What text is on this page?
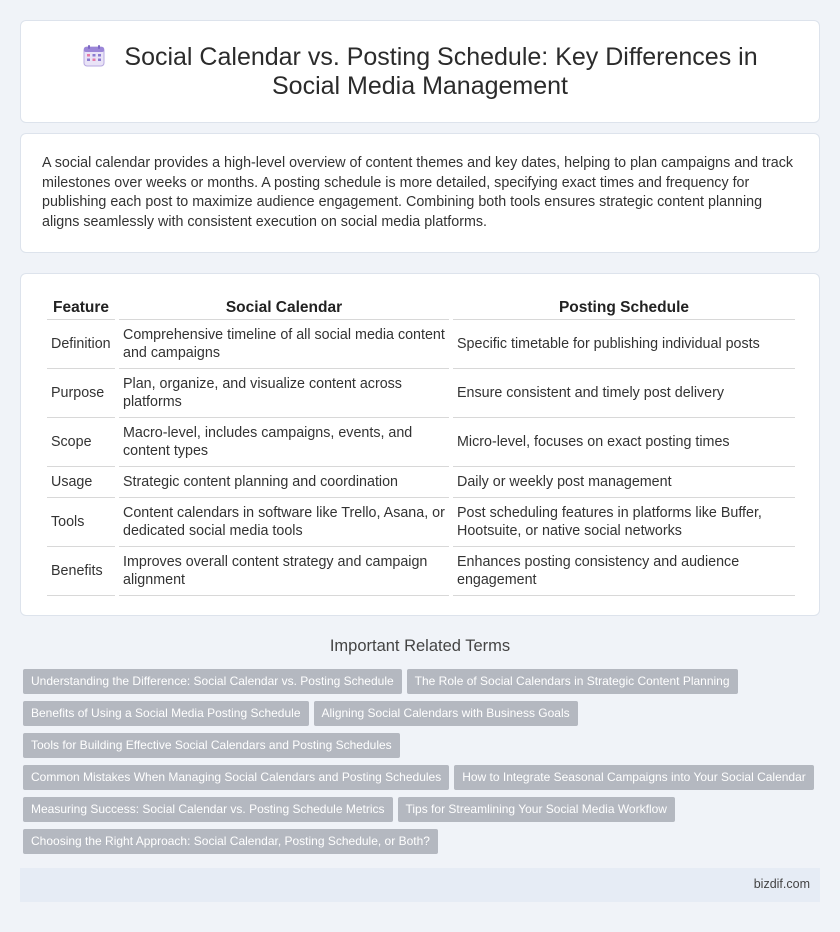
Social Calendar vs. Posting Schedule: Key Differences in Social Media Management

A social calendar provides a high-level overview of content themes and key dates, helping to plan campaigns and track milestones over weeks or months. A posting schedule is more detailed, specifying exact times and frequency for publishing each post to maximize audience engagement. Combining both tools ensures strategic content planning aligns seamlessly with consistent execution on social media platforms.

Feature	Social Calendar	Posting Schedule
Definition	Comprehensive timeline of all social media content and campaigns	Specific timetable for publishing individual posts
Purpose	Plan, organize, and visualize content across platforms	Ensure consistent and timely post delivery
Scope	Macro-level, includes campaigns, events, and content types	Micro-level, focuses on exact posting times
Usage	Strategic content planning and coordination	Daily or weekly post management
Tools	Content calendars in software like Trello, Asana, or dedicated social media tools	Post scheduling features in platforms like Buffer, Hootsuite, or native social networks
Benefits	Improves overall content strategy and campaign alignment	Enhances posting consistency and audience engagement
Important Related Terms
Understanding the Difference: Social Calendar vs. Posting Schedule The Role of Social Calendars in Strategic Content Planning
Benefits of Using a Social Media Posting Schedule Aligning Social Calendars with Business Goals
Tools for Building Effective Social Calendars and Posting Schedules
Common Mistakes When Managing Social Calendars and Posting Schedules How to Integrate Seasonal Campaigns into Your Social Calendar
Measuring Success: Social Calendar vs. Posting Schedule Metrics Tips for Streamlining Your Social Media Workflow
Choosing the Right Approach: Social Calendar, Posting Schedule, or Both?
bizdif.com
